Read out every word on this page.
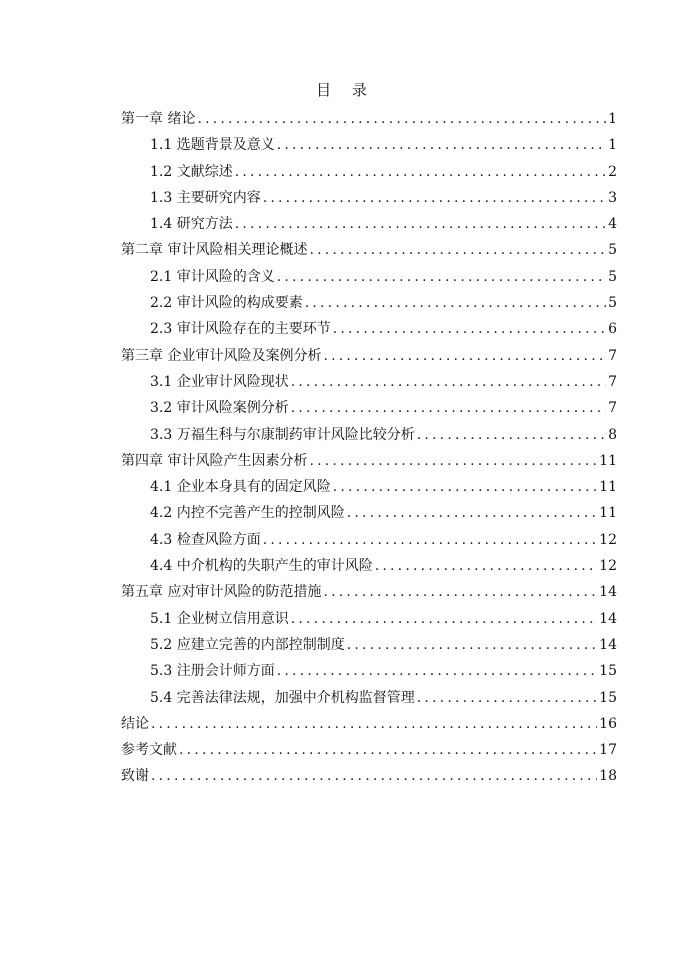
目 录
第一章 绪论 .....	1
1.1 选题背景及意义 .....	1
1.2 文献综述 .....	2
1.3 主要研究内容 .....	3
1.4 研究方法 .....	4
第二章 审计风险相关理论概述 .....	5
2.1 审计风险的含义 .....	5
2.2 审计风险的构成要素 .....	5
2.3 审计风险存在的主要环节 .....	6
第三章 企业审计风险及案例分析 .....	7
3.1 企业审计风险现状 .....	7
3.2 审计风险案例分析 .....	7
3.3 万福生科与尔康制药审计风险比较分析 .....	8
第四章 审计风险产生因素分析 .....	11
4.1 企业本身具有的固定风险 .....	11
4.2 内控不完善产生的控制风险 .....	11
4.3 检查风险方面 .....	12
4.4 中介机构的失职产生的审计风险 .....	12
第五章 应对审计风险的防范措施 .....	14
5.1 企业树立信用意识 .....	14
5.2 应建立完善的内部控制制度 .....	14
5.3 注册会计师方面 .....	15
5.4 完善法律法规，加强中介机构监督管理 .....	15
结论 .....	16
参考文献 .....	17
致谢 .....	18
